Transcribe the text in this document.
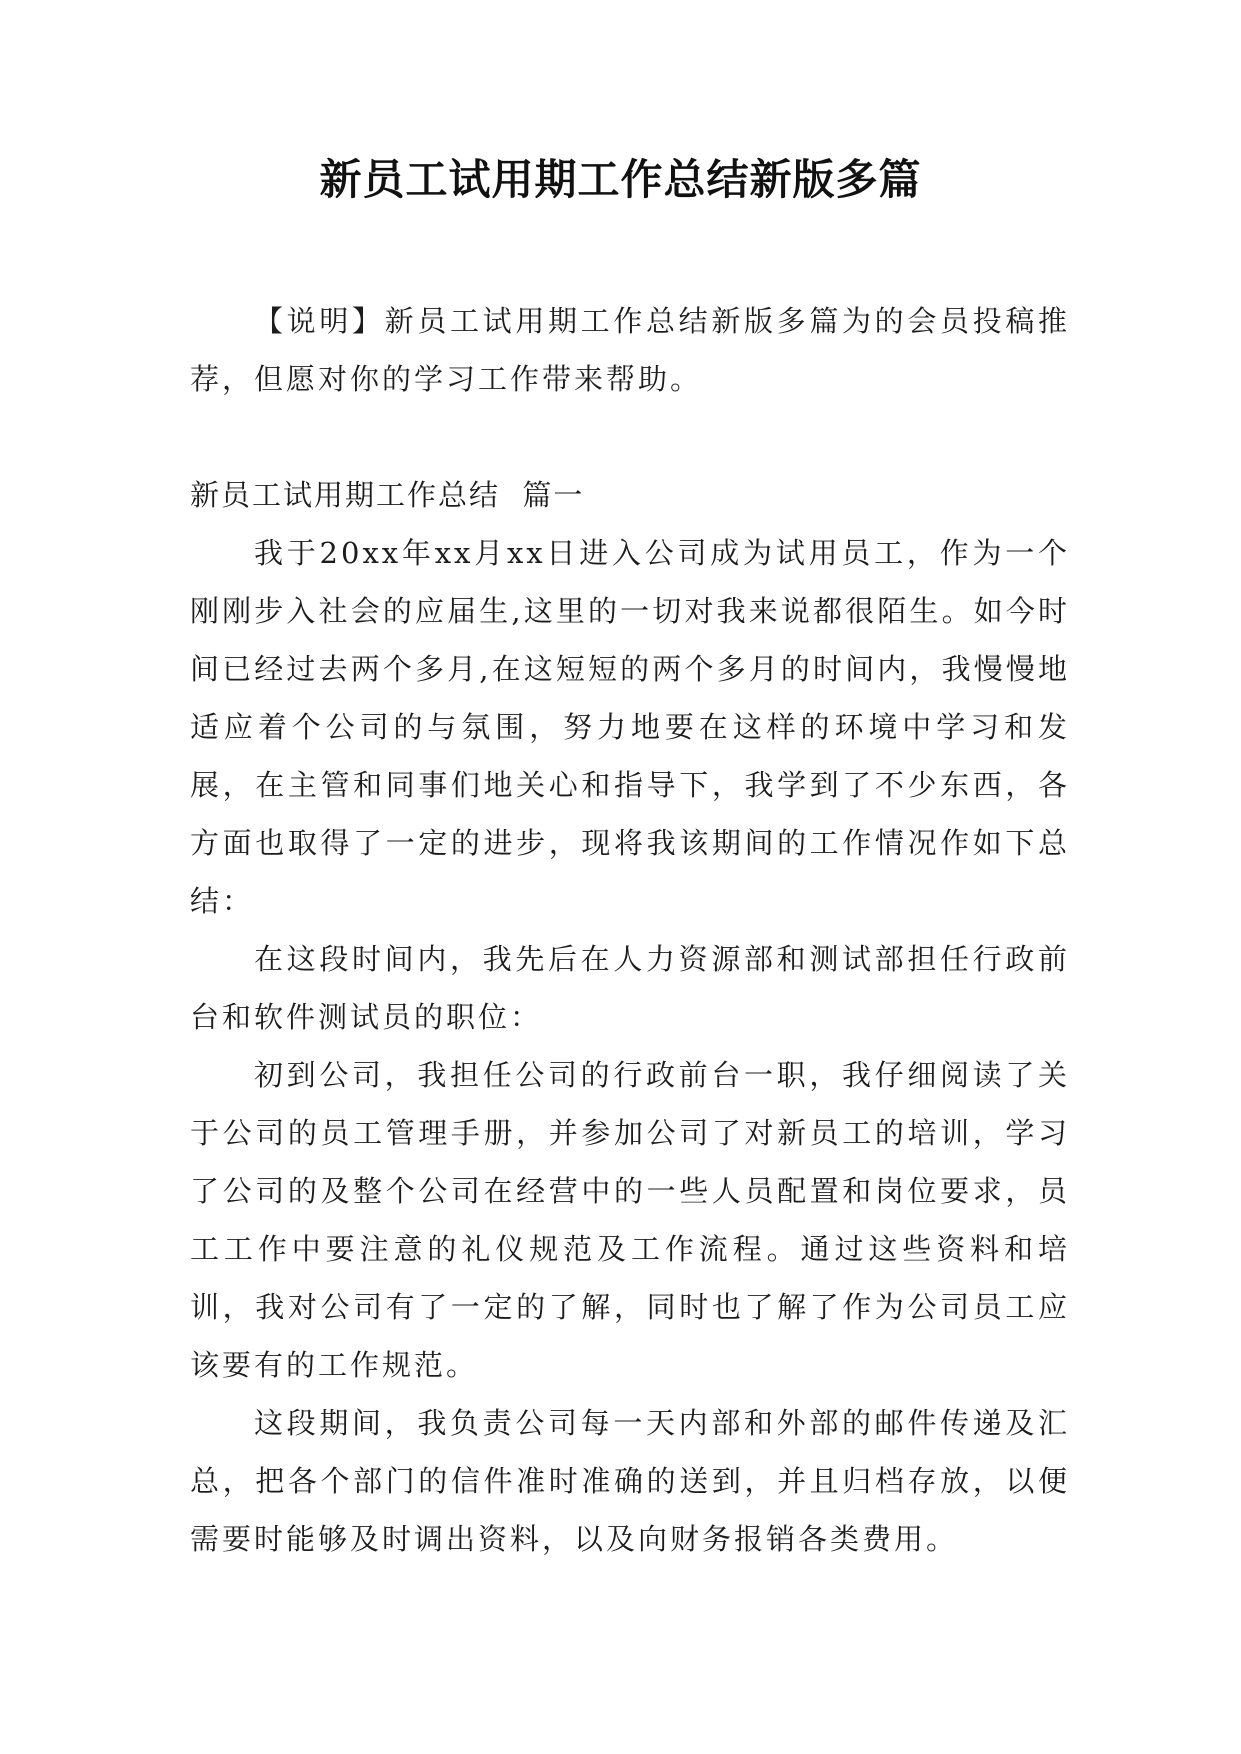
新员工试用期工作总结新版多篇

【说明】新员工试用期工作总结新版多篇为的会员投稿推荐，但愿对你的学习工作带来帮助。

新员工试用期工作总结  篇一

我于20xx年xx月xx日进入公司成为试用员工，作为一个刚刚步入社会的应届生,这里的一切对我来说都很陌生。如今时间已经过去两个多月,在这短短的两个多月的时间内，我慢慢地适应着个公司的与氛围，努力地要在这样的环境中学习和发展，在主管和同事们地关心和指导下，我学到了不少东西，各方面也取得了一定的进步，现将我该期间的工作情况作如下总结：

在这段时间内，我先后在人力资源部和测试部担任行政前台和软件测试员的职位：

初到公司，我担任公司的行政前台一职，我仔细阅读了关于公司的员工管理手册，并参加公司了对新员工的培训，学习了公司的及整个公司在经营中的一些人员配置和岗位要求，员工工作中要注意的礼仪规范及工作流程。通过这些资料和培训，我对公司有了一定的了解，同时也了解了作为公司员工应该要有的工作规范。

这段期间，我负责公司每一天内部和外部的邮件传递及汇总，把各个部门的信件准时准确的送到，并且归档存放，以便需要时能够及时调出资料，以及向财务报销各类费用。
